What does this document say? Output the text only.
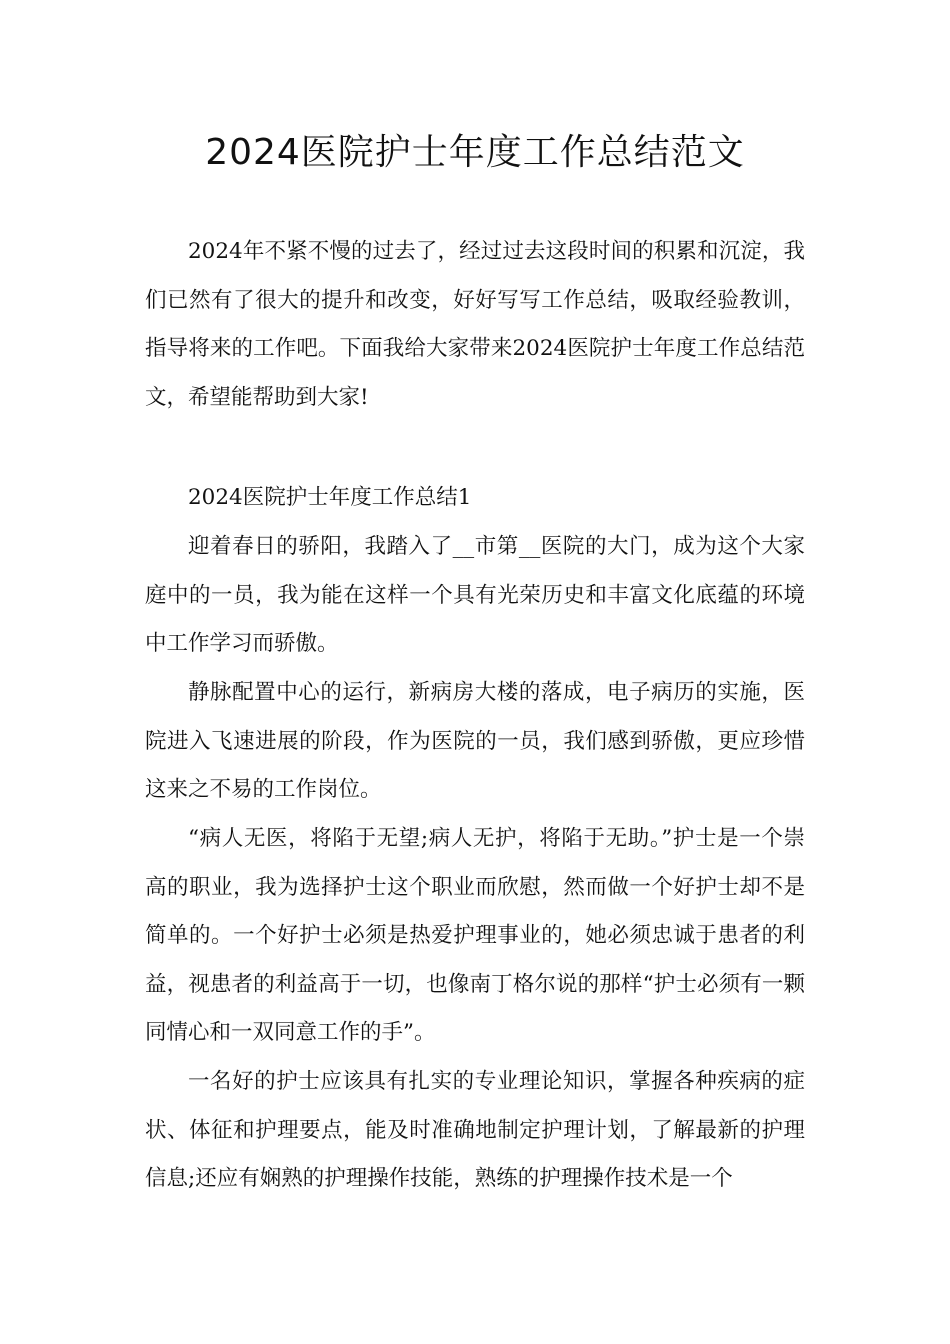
2024医院护士年度工作总结范文

2024年不紧不慢的过去了，经过过去这段时间的积累和沉淀，我们已然有了很大的提升和改变，好好写写工作总结，吸取经验教训，指导将来的工作吧。下面我给大家带来2024医院护士年度工作总结范文，希望能帮助到大家!

2024医院护士年度工作总结1

迎着春日的骄阳，我踏入了__市第__医院的大门，成为这个大家庭中的一员，我为能在这样一个具有光荣历史和丰富文化底蕴的环境中工作学习而骄傲。

静脉配置中心的运行，新病房大楼的落成，电子病历的实施，医院进入飞速进展的阶段，作为医院的一员，我们感到骄傲，更应珍惜这来之不易的工作岗位。

“病人无医，将陷于无望;病人无护，将陷于无助。”护士是一个崇高的职业，我为选择护士这个职业而欣慰，然而做一个好护士却不是简单的。一个好护士必须是热爱护理事业的，她必须忠诚于患者的利益，视患者的利益高于一切，也像南丁格尔说的那样“护士必须有一颗同情心和一双同意工作的手”。

一名好的护士应该具有扎实的专业理论知识，掌握各种疾病的症状、体征和护理要点，能及时准确地制定护理计划，了解最新的护理信息;还应有娴熟的护理操作技能，熟练的护理操作技术是一个
